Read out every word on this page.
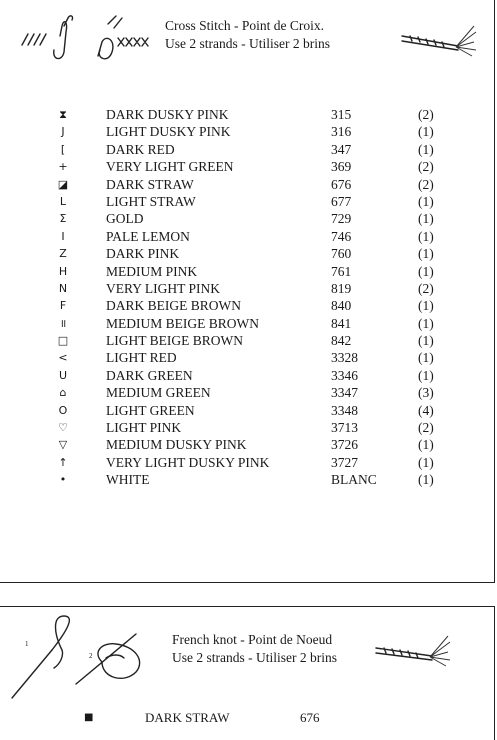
Cross Stitch - Point de Croix.
Use 2 strands - Utiliser 2 brins
⧗	DARK DUSKY PINK	315	(2)
J	LIGHT DUSKY PINK	316	(1)
[	DARK RED	347	(1)
+	VERY LIGHT GREEN	369	(2)
◪	DARK STRAW	676	(2)
L	LIGHT STRAW	677	(1)
Σ	GOLD	729	(1)
I	PALE LEMON	746	(1)
Z	DARK PINK	760	(1)
H	MEDIUM PINK	761	(1)
N	VERY LIGHT PINK	819	(2)
F	DARK BEIGE BROWN	840	(1)
॥	MEDIUM BEIGE BROWN	841	(1)
□	LIGHT BEIGE BROWN	842	(1)
<	LIGHT RED	3328	(1)
U	DARK GREEN	3346	(1)
⌂	MEDIUM GREEN	3347	(3)
O	LIGHT GREEN	3348	(4)
♡	LIGHT PINK	3713	(2)
▽	MEDIUM DUSKY PINK	3726	(1)
↑	VERY LIGHT DUSKY PINK	3727	(1)
•	WHITE	BLANC	(1)
1
2
French knot - Point de Noeud
Use 2 strands - Utiliser 2 brins
■	DARK STRAW	676
